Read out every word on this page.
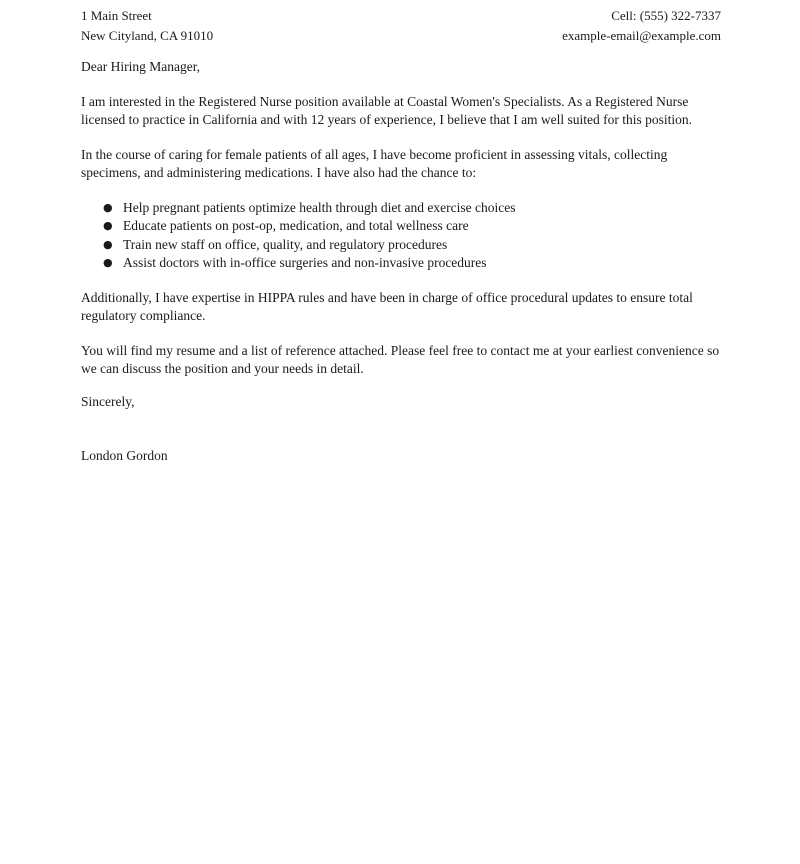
1 Main Street
New Cityland, CA 91010
Cell: (555) 322-7337
example-email@example.com

Dear Hiring Manager,

I am interested in the Registered Nurse position available at Coastal Women's Specialists. As a Registered Nurse licensed to practice in California and with 12 years of experience, I believe that I am well suited for this position.

In the course of caring for female patients of all ages, I have become proficient in assessing vitals, collecting specimens, and administering medications. I have also had the chance to:

● Help pregnant patients optimize health through diet and exercise choices
● Educate patients on post-op, medication, and total wellness care
● Train new staff on office, quality, and regulatory procedures
● Assist doctors with in-office surgeries and non-invasive procedures

Additionally, I have expertise in HIPPA rules and have been in charge of office procedural updates to ensure total regulatory compliance.

You will find my resume and a list of reference attached. Please feel free to contact me at your earliest convenience so we can discuss the position and your needs in detail.

Sincerely,

London Gordon
